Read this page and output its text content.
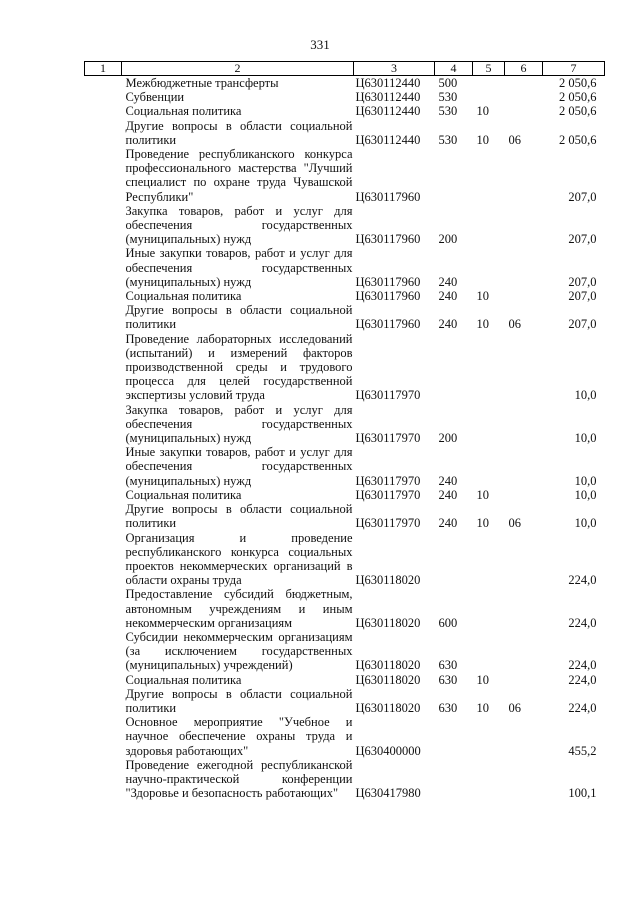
331
1	2	3	4	5	6	7
	Межбюджетные трансферты	Ц630112440	500			2 050,6
	Субвенции	Ц630112440	530			2 050,6
	Социальная политика	Ц630112440	530	10		2 050,6
	Другие вопросы в области социальной политики	Ц630112440	530	10	06	2 050,6
	Проведение республиканского конкурса профессионального мастерства "Лучший специалист по охране труда Чувашской Республики"	Ц630117960				207,0
	Закупка товаров, работ и услуг для обеспечения государственных (муниципальных) нужд	Ц630117960	200			207,0
	Иные закупки товаров, работ и услуг для обеспечения государственных (муниципальных) нужд	Ц630117960	240			207,0
	Социальная политика	Ц630117960	240	10		207,0
	Другие вопросы в области социальной политики	Ц630117960	240	10	06	207,0
	Проведение лабораторных исследований (испытаний) и измерений факторов производственной среды и трудового процесса для целей государственной экспертизы условий труда	Ц630117970				10,0
	Закупка товаров, работ и услуг для обеспечения государственных (муниципальных) нужд	Ц630117970	200			10,0
	Иные закупки товаров, работ и услуг для обеспечения государственных (муниципальных) нужд	Ц630117970	240			10,0
	Социальная политика	Ц630117970	240	10		10,0
	Другие вопросы в области социальной политики	Ц630117970	240	10	06	10,0
	Организация и проведение республиканского конкурса социальных проектов некоммерческих организаций в области охраны труда	Ц630118020				224,0
	Предоставление субсидий бюджетным, автономным учреждениям и иным некоммерческим организациям	Ц630118020	600			224,0
	Субсидии некоммерческим организациям (за исключением государственных (муниципальных) учреждений)	Ц630118020	630			224,0
	Социальная политика	Ц630118020	630	10		224,0
	Другие вопросы в области социальной политики	Ц630118020	630	10	06	224,0
	Основное мероприятие "Учебное и научное обеспечение охраны труда и здоровья работающих"	Ц630400000				455,2
	Проведение ежегодной республиканской научно-практической конференции "Здоровье и безопасность работающих"	Ц630417980				100,1
